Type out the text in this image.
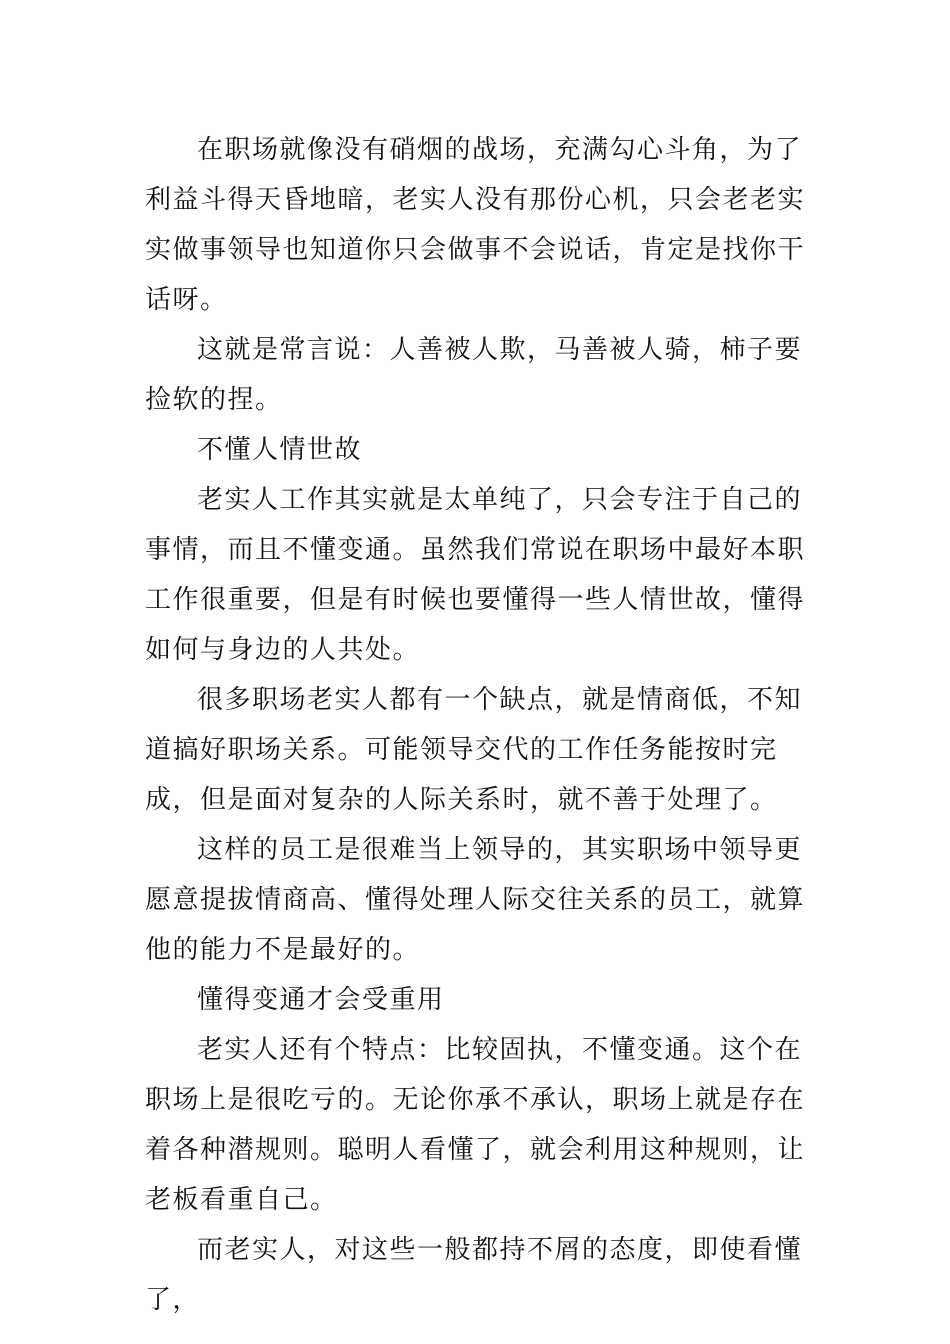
在职场就像没有硝烟的战场，充满勾心斗角，为了利益斗得天昏地暗，老实人没有那份心机，只会老老实实做事领导也知道你只会做事不会说话，肯定是找你干话呀。

这就是常言说：人善被人欺，马善被人骑，柿子要捡软的捏。

不懂人情世故

老实人工作其实就是太单纯了，只会专注于自己的事情，而且不懂变通。虽然我们常说在职场中最好本职工作很重要，但是有时候也要懂得一些人情世故，懂得如何与身边的人共处。

很多职场老实人都有一个缺点，就是情商低，不知道搞好职场关系。可能领导交代的工作任务能按时完成，但是面对复杂的人际关系时，就不善于处理了。

这样的员工是很难当上领导的，其实职场中领导更愿意提拔情商高、懂得处理人际交往关系的员工，就算他的能力不是最好的。

懂得变通才会受重用

老实人还有个特点：比较固执，不懂变通。这个在职场上是很吃亏的。无论你承不承认，职场上就是存在着各种潜规则。聪明人看懂了，就会利用这种规则，让老板看重自己。

而老实人，对这些一般都持不屑的态度，即使看懂了，
